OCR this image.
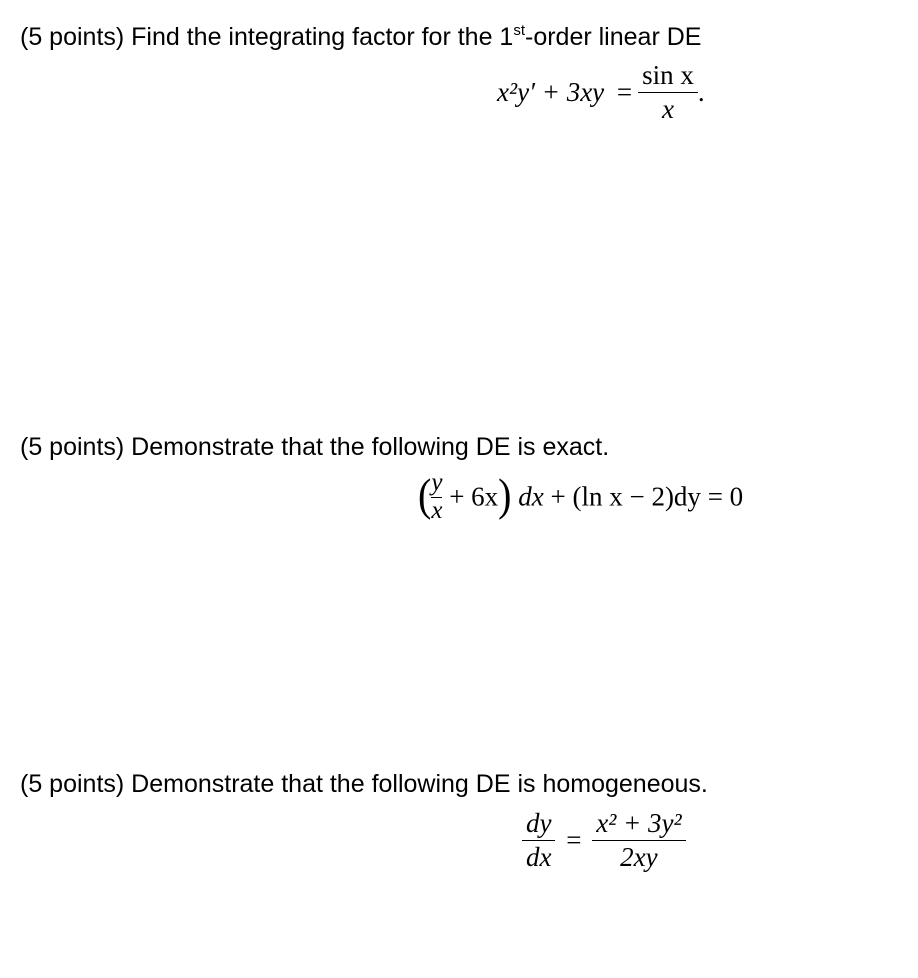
(5 points) Find the integrating factor for the 1st-order linear DE
$x^2y' + 3xy = \frac{\text{sin x}}{x}$ .
(5 points) Demonstrate that the following DE is exact.
( $\frac{y}{x} + 6x$) dx + (ln x − 2)dy = 0
(5 points) Demonstrate that the following DE is homogeneous.
$\frac{dy}{dx} = \frac{\text{x² + 3y²}}{2xy}$
